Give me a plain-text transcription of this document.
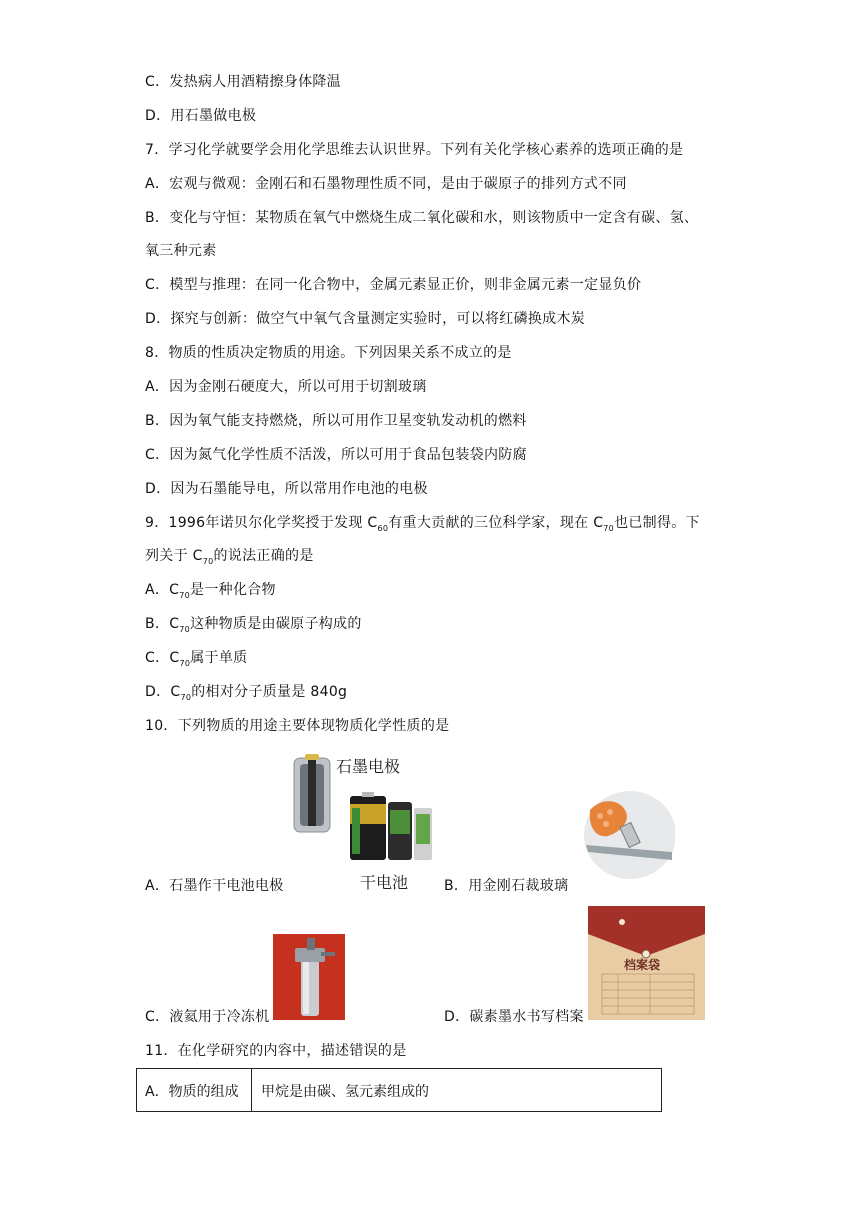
C．发热病人用酒精擦身体降温
D．用石墨做电极
7．学习化学就要学会用化学思维去认识世界。下列有关化学核心素养的选项正确的是
A．宏观与微观：金刚石和石墨物理性质不同，是由于碳原子的排列方式不同
B．变化与守恒：某物质在氧气中燃烧生成二氧化碳和水，则该物质中一定含有碳、氢、
氧三种元素
C．模型与推理：在同一化合物中，金属元素显正价，则非金属元素一定显负价
D．探究与创新：做空气中氧气含量测定实验时，可以将红磷换成木炭
8．物质的性质决定物质的用途。下列因果关系不成立的是
A．因为金刚石硬度大，所以可用于切割玻璃
B．因为氧气能支持燃烧，所以可用作卫星变轨发动机的燃料
C．因为氮气化学性质不活泼，所以可用于食品包装袋内防腐
D．因为石墨能导电，所以常用作电池的电极
9．1996年诺贝尔化学奖授于发现 $C_{60}$有重大贡献的三位科学家，现在 $C_{70}$也已制得。下
列关于 $C_{70}$的说法正确的是
A．$C_{70}$是一种化合物
B．$C_{70}$这种物质是由碳原子构成的
C．$C_{70}$属于单质
D．$C_{70}$的相对分子质量是 840g
10．下列物质的用途主要体现物质化学性质的是
石墨电极
干电池
A．石墨作干电池电极	B．用金刚石裁玻璃
C．液氦用于冷冻机
档案袋
D．碳素墨水书写档案
11．在化学研究的内容中，描述错误的是
A．物质的组成 甲烷是由碳、氢元素组成的
